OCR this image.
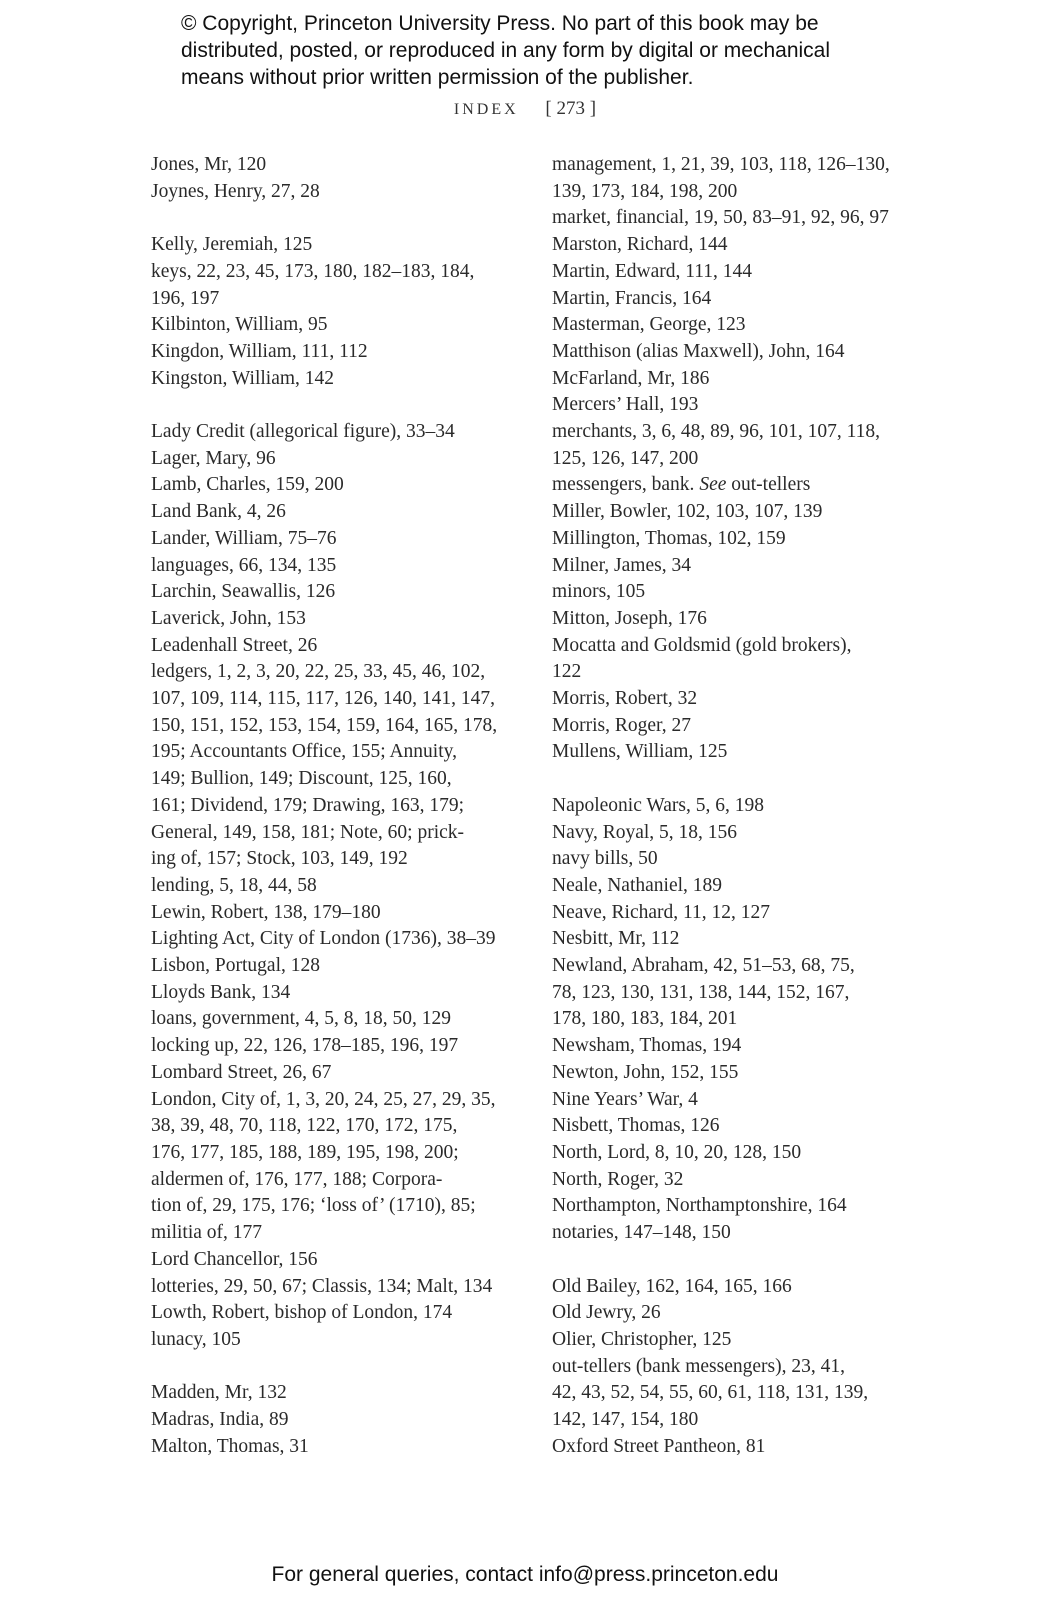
© Copyright, Princeton University Press. No part of this book may be
distributed, posted, or reproduced in any form by digital or mechanical
means without prior written permission of the publisher.
INDEX [ 273 ]
Jones, Mr, 120
Joynes, Henry, 27, 28
Kelly, Jeremiah, 125
keys, 22, 23, 45, 173, 180, 182–183, 184,
196, 197
Kilbinton, William, 95
Kingdon, William, 111, 112
Kingston, William, 142
Lady Credit (allegorical figure), 33–34
Lager, Mary, 96
Lamb, Charles, 159, 200
Land Bank, 4, 26
Lander, William, 75–76
languages, 66, 134, 135
Larchin, Seawallis, 126
Laverick, John, 153
Leadenhall Street, 26
ledgers, 1, 2, 3, 20, 22, 25, 33, 45, 46, 102,
107, 109, 114, 115, 117, 126, 140, 141, 147,
150, 151, 152, 153, 154, 159, 164, 165, 178,
195; Accountants Office, 155; Annuity,
149; Bullion, 149; Discount, 125, 160,
161; Dividend, 179; Drawing, 163, 179;
General, 149, 158, 181; Note, 60; prick-
ing of, 157; Stock, 103, 149, 192
lending, 5, 18, 44, 58
Lewin, Robert, 138, 179–180
Lighting Act, City of London (1736), 38–39
Lisbon, Portugal, 128
Lloyds Bank, 134
loans, government, 4, 5, 8, 18, 50, 129
locking up, 22, 126, 178–185, 196, 197
Lombard Street, 26, 67
London, City of, 1, 3, 20, 24, 25, 27, 29, 35,
38, 39, 48, 70, 118, 122, 170, 172, 175,
176, 177, 185, 188, 189, 195, 198, 200;
aldermen of, 176, 177, 188; Corpora-
tion of, 29, 175, 176; ‘loss of’ (1710), 85;
militia of, 177
Lord Chancellor, 156
lotteries, 29, 50, 67; Classis, 134; Malt, 134
Lowth, Robert, bishop of London, 174
lunacy, 105
Madden, Mr, 132
Madras, India, 89
Malton, Thomas, 31
management, 1, 21, 39, 103, 118, 126–130,
139, 173, 184, 198, 200
market, financial, 19, 50, 83–91, 92, 96, 97
Marston, Richard, 144
Martin, Edward, 111, 144
Martin, Francis, 164
Masterman, George, 123
Matthison (alias Maxwell), John, 164
McFarland, Mr, 186
Mercers’ Hall, 193
merchants, 3, 6, 48, 89, 96, 101, 107, 118,
125, 126, 147, 200
messengers, bank. See out-tellers
Miller, Bowler, 102, 103, 107, 139
Millington, Thomas, 102, 159
Milner, James, 34
minors, 105
Mitton, Joseph, 176
Mocatta and Goldsmid (gold brokers),
122
Morris, Robert, 32
Morris, Roger, 27
Mullens, William, 125
Napoleonic Wars, 5, 6, 198
Navy, Royal, 5, 18, 156
navy bills, 50
Neale, Nathaniel, 189
Neave, Richard, 11, 12, 127
Nesbitt, Mr, 112
Newland, Abraham, 42, 51–53, 68, 75,
78, 123, 130, 131, 138, 144, 152, 167,
178, 180, 183, 184, 201
Newsham, Thomas, 194
Newton, John, 152, 155
Nine Years’ War, 4
Nisbett, Thomas, 126
North, Lord, 8, 10, 20, 128, 150
North, Roger, 32
Northampton, Northamptonshire, 164
notaries, 147–148, 150
Old Bailey, 162, 164, 165, 166
Old Jewry, 26
Olier, Christopher, 125
out-tellers (bank messengers), 23, 41,
42, 43, 52, 54, 55, 60, 61, 118, 131, 139,
142, 147, 154, 180
Oxford Street Pantheon, 81
For general queries, contact info@press.princeton.edu
